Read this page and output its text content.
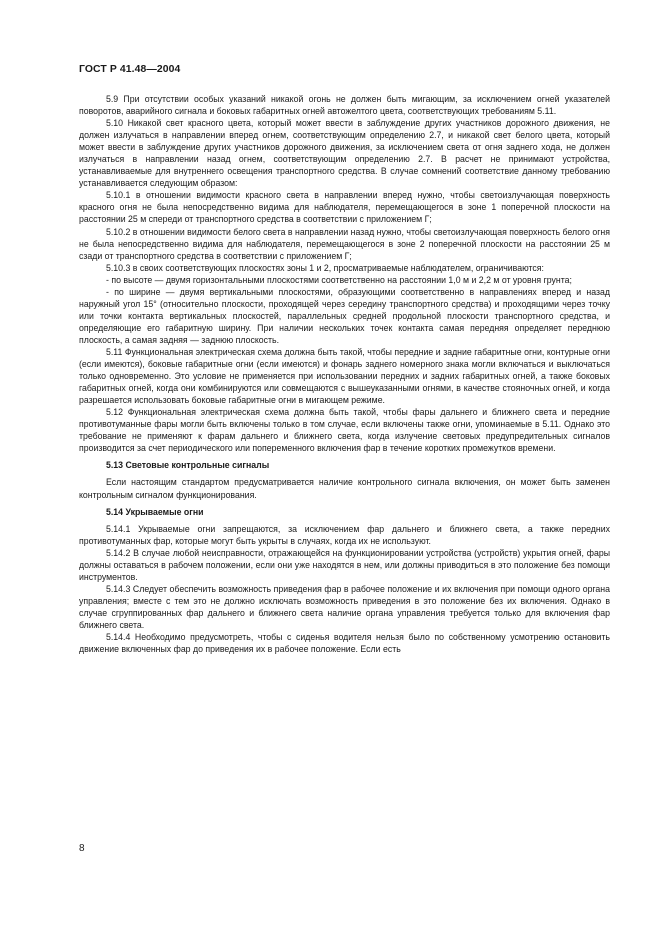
ГОСТ Р 41.48—2004

5.9 При отсутствии особых указаний никакой огонь не должен быть мигающим, за исключением огней указателей поворотов, аварийного сигнала и боковых габаритных огней автожелтого цвета, соответствующих требованиям 5.11.

5.10 Никакой свет красного цвета, который может ввести в заблуждение других участников дорожного движения, не должен излучаться в направлении вперед огнем, соответствующим определению 2.7, и никакой свет белого цвета, который может ввести в заблуждение других участников дорожного движения, за исключением света от огня заднего хода, не должен излучаться в направлении назад огнем, соответствующим определению 2.7. В расчет не принимают устройства, устанавливаемые для внутреннего освещения транспортного средства. В случае сомнений соответствие данному требованию устанавливается следующим образом:

5.10.1 в отношении видимости красного света в направлении вперед нужно, чтобы светоизлучающая поверхность красного огня не была непосредственно видима для наблюдателя, перемещающегося в зоне 1 поперечной плоскости на расстоянии 25 м спереди от транспортного средства в соответствии с приложением Г;

5.10.2 в отношении видимости белого света в направлении назад нужно, чтобы светоизлучающая поверхность белого огня не была непосредственно видима для наблюдателя, перемещающегося в зоне 2 поперечной плоскости на расстоянии 25 м сзади от транспортного средства в соответствии с приложением Г;

5.10.3 в своих соответствующих плоскостях зоны 1 и 2, просматриваемые наблюдателем, ограничиваются:

- по высоте — двумя горизонтальными плоскостями соответственно на расстоянии 1,0 м и 2,2 м от уровня грунта;

- по ширине — двумя вертикальными плоскостями, образующими соответственно в направлениях вперед и назад наружный угол 15° (относительно плоскости, проходящей через середину транспортного средства) и проходящими через точку или точки контакта вертикальных плоскостей, параллельных средней продольной плоскости транспортного средства, и определяющие его габаритную ширину. При наличии нескольких точек контакта самая передняя определяет переднюю плоскость, а самая задняя — заднюю плоскость.

5.11 Функциональная электрическая схема должна быть такой, чтобы передние и задние габаритные огни, контурные огни (если имеются), боковые габаритные огни (если имеются) и фонарь заднего номерного знака могли включаться и выключаться только одновременно. Это условие не применяется при использовании передних и задних габаритных огней, а также боковых габаритных огней, когда они комбинируются или совмещаются с вышеуказанными огнями, в качестве стояночных огней, и когда разрешается использовать боковые габаритные огни в мигающем режиме.

5.12 Функциональная электрическая схема должна быть такой, чтобы фары дальнего и ближнего света и передние противотуманные фары могли быть включены только в том случае, если включены также огни, упоминаемые в 5.11. Однако это требование не применяют к фарам дальнего и ближнего света, когда излучение световых предупредительных сигналов производится за счет периодического или попеременного включения фар в течение коротких промежутков времени.

5.13 Световые контрольные сигналы

Если настоящим стандартом предусматривается наличие контрольного сигнала включения, он может быть заменен контрольным сигналом функционирования.

5.14 Укрываемые огни

5.14.1 Укрываемые огни запрещаются, за исключением фар дальнего и ближнего света, а также передних противотуманных фар, которые могут быть укрыты в случаях, когда их не используют.

5.14.2 В случае любой неисправности, отражающейся на функционировании устройства (устройств) укрытия огней, фары должны оставаться в рабочем положении, если они уже находятся в нем, или должны приводиться в это положение без помощи инструментов.

5.14.3 Следует обеспечить возможность приведения фар в рабочее положение и их включения при помощи одного органа управления; вместе с тем это не должно исключать возможность приведения в это положение без их включения. Однако в случае сгруппированных фар дальнего и ближнего света наличие органа управления требуется только для включения фар ближнего света.

5.14.4 Необходимо предусмотреть, чтобы с сиденья водителя нельзя было по собственному усмотрению остановить движение включенных фар до приведения их в рабочее положение. Если есть

8
